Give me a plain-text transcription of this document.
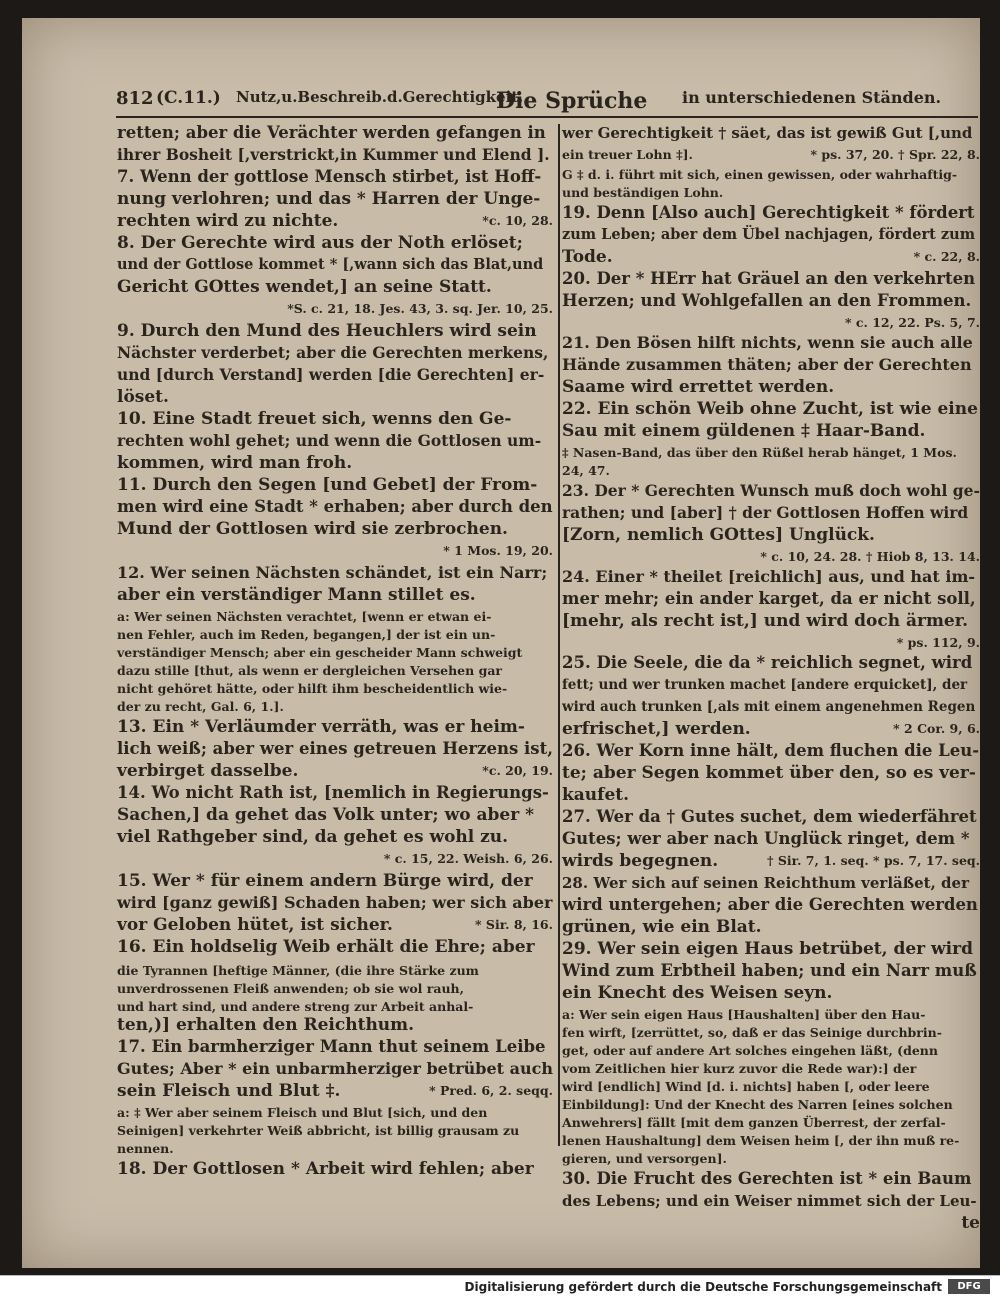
812 (C.11.) Nutz,u.Beschreib.d.Gerechtigkeit,
Die Sprüche in unterschiedenen Ständen.
retten; aber die Verächter werden gefangen in
ihrer Bosheit [,verstrickt,in Kummer und Elend ].
7. Wenn der gottlose Mensch stirbet, ist Hoff-
nung verlohren; und das * Harren der Unge-
rechten wird zu nichte.	*c. 10, 28.
8. Der Gerechte wird aus der Noth erlöset;
und der Gottlose kommet * [,wann sich das Blat,und
Gericht GOttes wendet,] an seine Statt.
*S. c. 21, 18. Jes. 43, 3. sq. Jer. 10, 25.
9. Durch den Mund des Heuchlers wird sein
Nächster verderbet; aber die Gerechten merkens,
und [durch Verstand] werden [die Gerechten] er-
löset.
10. Eine Stadt freuet sich, wenns den Ge-
rechten wohl gehet; und wenn die Gottlosen um-
kommen, wird man froh.
11. Durch den Segen [und Gebet] der From-
men wird eine Stadt * erhaben; aber durch den
Mund der Gottlosen wird sie zerbrochen.
* 1 Mos. 19, 20.
12. Wer seinen Nächsten schändet, ist ein Narr;
aber ein verständiger Mann stillet es.
a: Wer seinen Nächsten verachtet, [wenn er etwan ei-
nen Fehler, auch im Reden, begangen,] der ist ein un-
verständiger Mensch; aber ein gescheider Mann schweigt
dazu stille [thut, als wenn er dergleichen Versehen gar
nicht gehöret hätte, oder hilft ihm bescheidentlich wie-
der zu recht, Gal. 6, 1.].
13. Ein * Verläumder verräth, was er heim-
lich weiß; aber wer eines getreuen Herzens ist,
verbirget dasselbe.	*c. 20, 19.
14. Wo nicht Rath ist, [nemlich in Regierungs-
Sachen,] da gehet das Volk unter; wo aber *
viel Rathgeber sind, da gehet es wohl zu.
* c. 15, 22. Weish. 6, 26.
15. Wer * für einem andern Bürge wird, der
wird [ganz gewiß] Schaden haben; wer sich aber
vor Geloben hütet, ist sicher.	* Sir. 8, 16.
16. Ein holdselig Weib erhält die Ehre; aber
die Tyrannen [heftige Männer, (die ihre Stärke zum
unverdrossenen Fleiß anwenden; ob sie wol rauh,
und hart sind, und andere streng zur Arbeit anhal-
ten,)] erhalten den Reichthum.
17. Ein barmherziger Mann thut seinem Leibe
Gutes; Aber * ein unbarmherziger betrübet auch
sein Fleisch und Blut ‡.	* Pred. 6, 2. seqq.
a: ‡ Wer aber seinem Fleisch und Blut [sich, und den
Seinigen] verkehrter Weiß abbricht, ist billig grausam zu
nennen.
18. Der Gottlosen * Arbeit wird fehlen; aber
wer Gerechtigkeit † säet, das ist gewiß Gut [,und
ein treuer Lohn ‡].	* ps. 37, 20. † Spr. 22, 8.
G ‡ d. i. führt mit sich, einen gewissen, oder wahrhaftig-
und beständigen Lohn.
19. Denn [Also auch] Gerechtigkeit * fördert
zum Leben; aber dem Übel nachjagen, fördert zum
Tode.	* c. 22, 8.
20. Der * HErr hat Gräuel an den verkehrten
Herzen; und Wohlgefallen an den Frommen.
* c. 12, 22. Ps. 5, 7.
21. Den Bösen hilft nichts, wenn sie auch alle
Hände zusammen thäten; aber der Gerechten
Saame wird errettet werden.
22. Ein schön Weib ohne Zucht, ist wie eine
Sau mit einem güldenen ‡ Haar-Band.
‡ Nasen-Band, das über den Rüßel herab hänget, 1 Mos.
24, 47.
23. Der * Gerechten Wunsch muß doch wohl ge-
rathen; und [aber] † der Gottlosen Hoffen wird
[Zorn, nemlich GOttes] Unglück.
* c. 10, 24. 28. † Hiob 8, 13. 14.
24. Einer * theilet [reichlich] aus, und hat im-
mer mehr; ein ander karget, da er nicht soll,
[mehr, als recht ist,] und wird doch ärmer.
* ps. 112, 9.
25. Die Seele, die da * reichlich segnet, wird
fett; und wer trunken machet [andere erquicket], der
wird auch trunken [,als mit einem angenehmen Regen
erfrischet,] werden.	* 2 Cor. 9, 6.
26. Wer Korn inne hält, dem fluchen die Leu-
te; aber Segen kommet über den, so es ver-
kaufet.
27. Wer da † Gutes suchet, dem wiederfähret
Gutes; wer aber nach Unglück ringet, dem *
wirds begegnen.	† Sir. 7, 1. seq. * ps. 7, 17. seq.
28. Wer sich auf seinen Reichthum verläßet, der
wird untergehen; aber die Gerechten werden
grünen, wie ein Blat.
29. Wer sein eigen Haus betrübet, der wird
Wind zum Erbtheil haben; und ein Narr muß
ein Knecht des Weisen seyn.
a: Wer sein eigen Haus [Haushalten] über den Hau-
fen wirft, [zerrüttet, so, daß er das Seinige durchbrin-
get, oder auf andere Art solches eingehen läßt, (denn
vom Zeitlichen hier kurz zuvor die Rede war):] der
wird [endlich] Wind [d. i. nichts] haben [, oder leere
Einbildung]: Und der Knecht des Narren [eines solchen
Anwehrers] fällt [mit dem ganzen Überrest, der zerfal-
lenen Haushaltung] dem Weisen heim [, der ihn muß re-
gieren, und versorgen].
30. Die Frucht des Gerechten ist * ein Baum
des Lebens; und ein Weiser nimmet sich der Leu-
te
Digitalisierung gefördert durch die Deutsche Forschungsgemeinschaft	DFG
